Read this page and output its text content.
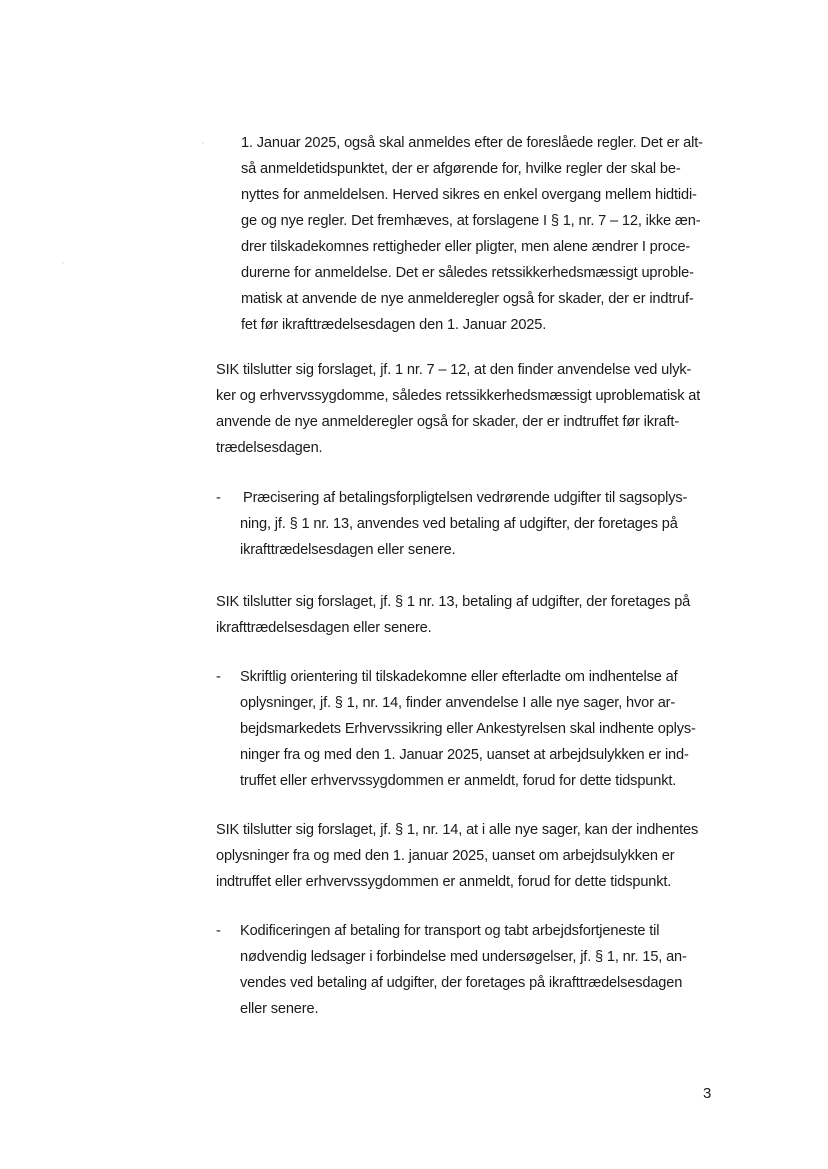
1. Januar 2025, også skal anmeldes efter de foreslåede regler. Det er alt-
så anmeldetidspunktet, der er afgørende for, hvilke regler der skal be-
nyttes for anmeldelsen. Herved sikres en enkel overgang mellem hidtidi-
ge og nye regler. Det fremhæves, at forslagene I § 1, nr. 7 – 12, ikke æn-
drer tilskadekomnes rettigheder eller pligter, men alene ændrer I proce-
durerne for anmeldelse. Det er således retssikkerhedsmæssigt uproble-
matisk at anvende de nye anmelderegler også for skader, der er indtruf-
fet før ikrafttrædelsesdagen den 1. Januar 2025.
SIK tilslutter sig forslaget, jf. 1 nr. 7 – 12, at den finder anvendelse ved ulyk-
ker og erhvervssygdomme, således retssikkerhedsmæssigt uproblematisk at
anvende de nye anmelderegler også for skader, der er indtruffet før ikraft-
trædelsesdagen.
- Præcisering af betalingsforpligtelsen vedrørende udgifter til sagsoplys-
ning, jf. § 1 nr. 13, anvendes ved betaling af udgifter, der foretages på
ikrafttrædelsesdagen eller senere.
SIK tilslutter sig forslaget, jf. § 1 nr. 13, betaling af udgifter, der foretages på
ikrafttrædelsesdagen eller senere.
- Skriftlig orientering til tilskadekomne eller efterladte om indhentelse af
oplysninger, jf. § 1, nr. 14, finder anvendelse I alle nye sager, hvor ar-
bejdsmarkedets Erhvervssikring eller Ankestyrelsen skal indhente oplys-
ninger fra og med den 1. Januar 2025, uanset at arbejdsulykken er ind-
truffet eller erhvervssygdommen er anmeldt, forud for dette tidspunkt.
SIK tilslutter sig forslaget, jf. § 1, nr. 14, at i alle nye sager, kan der indhentes
oplysninger fra og med den 1. januar 2025, uanset om arbejdsulykken er
indtruffet eller erhvervssygdommen er anmeldt, forud for dette tidspunkt.
- Kodificeringen af betaling for transport og tabt arbejdsfortjeneste til
nødvendig ledsager i forbindelse med undersøgelser, jf. § 1, nr. 15, an-
vendes ved betaling af udgifter, der foretages på ikrafttrædelsesdagen
eller senere.
3
